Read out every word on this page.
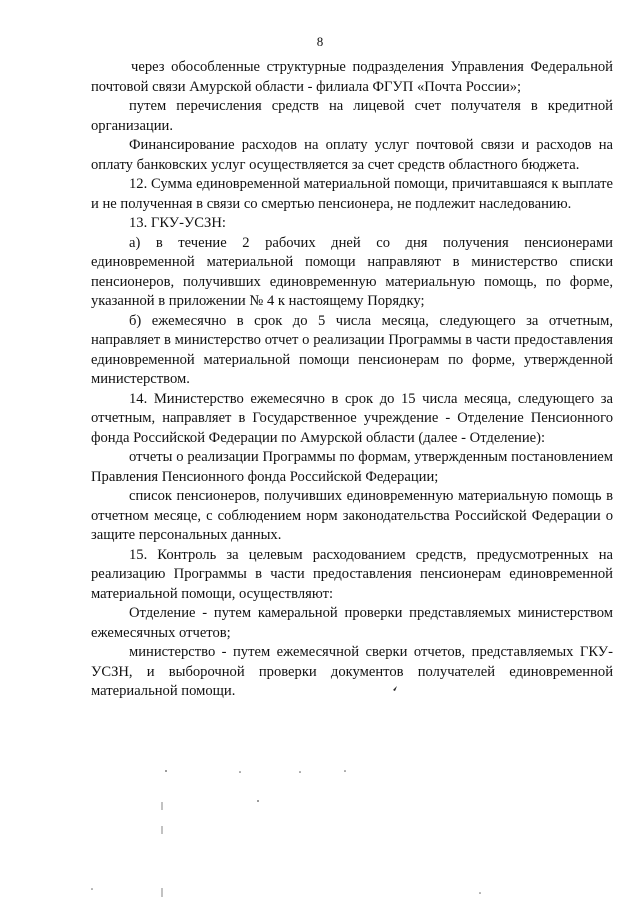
8

через обособленные структурные подразделения Управления Федеральной почтовой связи Амурской области - филиала ФГУП «Почта России»;

путем перечисления средств на лицевой счет получателя в кредитной организации.

Финансирование расходов на оплату услуг почтовой связи и расходов на оплату банковских услуг осуществляется за счет средств областного бюджета.

12. Сумма единовременной материальной помощи, причитавшаяся к выплате и не полученная в связи со смертью пенсионера, не подлежит наследованию.

13. ГКУ-УСЗН:

а) в течение 2 рабочих дней со дня получения пенсионерами единовременной материальной помощи направляют в министерство списки пенсионеров, получивших единовременную материальную помощь, по форме, указанной в приложении № 4 к настоящему Порядку;

б) ежемесячно в срок до 5 числа месяца, следующего за отчетным, направляет в министерство отчет о реализации Программы в части предоставления единовременной материальной помощи пенсионерам по форме, утвержденной министерством.

14. Министерство ежемесячно в срок до 15 числа месяца, следующего за отчетным, направляет в Государственное учреждение - Отделение Пенсионного фонда Российской Федерации по Амурской области (далее - Отделение):

отчеты о реализации Программы по формам, утвержденным постановлением Правления Пенсионного фонда Российской Федерации;

список пенсионеров, получивших единовременную материальную помощь в отчетном месяце, с соблюдением норм законодательства Российской Федерации о защите персональных данных.

15. Контроль за целевым расходованием средств, предусмотренных на реализацию Программы в части предоставления пенсионерам единовременной материальной помощи, осуществляют:

Отделение - путем камеральной проверки представляемых министерством ежемесячных отчетов;

министерство - путем ежемесячной сверки отчетов, представляемых ГКУ-УСЗН, и выборочной проверки документов получателей единовременной материальной помощи.
